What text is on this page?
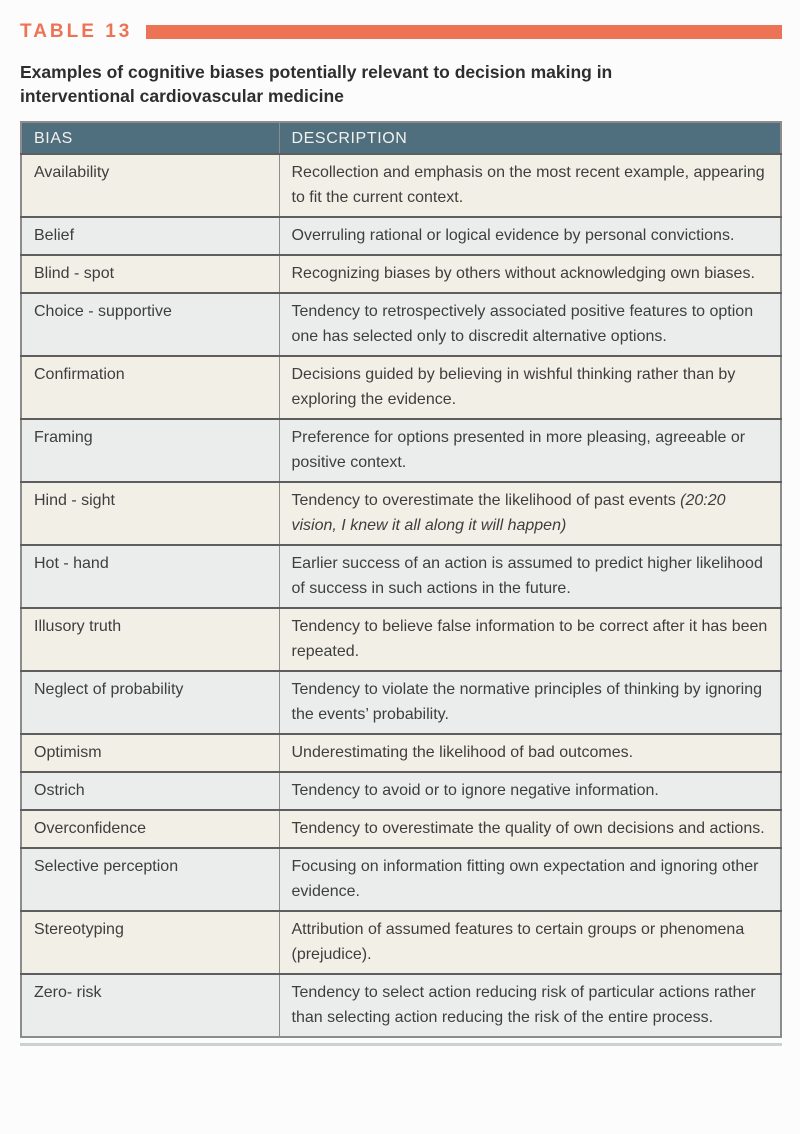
TABLE 13
Examples of cognitive biases potentially relevant to decision making in
interventional cardiovascular medicine
BIAS	DESCRIPTION
Availability	Recollection and emphasis on the most recent example, appearing to fit the current context.
Belief	Overruling rational or logical evidence by personal convictions.
Blind - spot	Recognizing biases by others without acknowledging own biases.
Choice - supportive	Tendency to retrospectively associated positive features to option one has selected only to discredit alternative options.
Confirmation	Decisions guided by believing in wishful thinking rather than by exploring the evidence.
Framing	Preference for options presented in more pleasing, agreeable or positive context.
Hind - sight	Tendency to overestimate the likelihood of past events (20:20 vision, I knew it all along it will happen)
Hot - hand	Earlier success of an action is assumed to predict higher likelihood of success in such actions in the future.
Illusory truth	Tendency to believe false information to be correct after it has been repeated.
Neglect of probability	Tendency to violate the normative principles of thinking by ignoring the events’ probability.
Optimism	Underestimating the likelihood of bad outcomes.
Ostrich	Tendency to avoid or to ignore negative information.
Overconfidence	Tendency to overestimate the quality of own decisions and actions.
Selective perception	Focusing on information fitting own expectation and ignoring other evidence.
Stereotyping	Attribution of assumed features to certain groups or phenomena (prejudice).
Zero- risk	Tendency to select action reducing risk of particular actions rather than selecting action reducing the risk of the entire process.
